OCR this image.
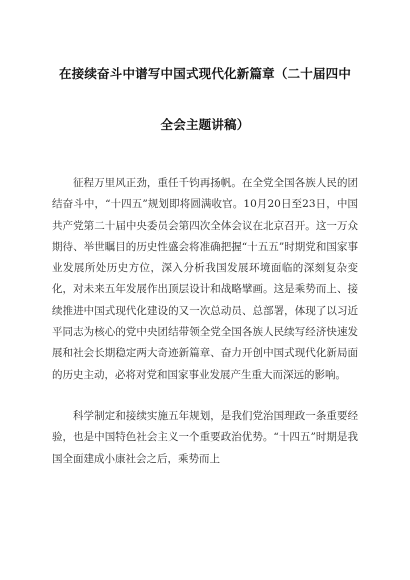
在接续奋斗中谱写中国式现代化新篇章（二十届四中
全会主题讲稿）

征程万里风正劲，重任千钧再扬帆。在全党全国各族人民的团结奋斗中，“十四五”规划即将圆满收官。10月20日至23日，中国共产党第二十届中央委员会第四次全体会议在北京召开。这一万众期待、举世瞩目的历史性盛会将准确把握“十五五”时期党和国家事业发展所处历史方位，深入分析我国发展环境面临的深刻复杂变化，对未来五年发展作出顶层设计和战略擘画。这是乘势而上、接续推进中国式现代化建设的又一次总动员、总部署，体现了以习近平同志为核心的党中央团结带领全党全国各族人民续写经济快速发展和社会长期稳定两大奇迹新篇章、奋力开创中国式现代化新局面的历史主动，必将对党和国家事业发展产生重大而深远的影响。

科学制定和接续实施五年规划，是我们党治国理政一条重要经验，也是中国特色社会主义一个重要政治优势。“十四五”时期是我国全面建成小康社会之后，乘势而上
